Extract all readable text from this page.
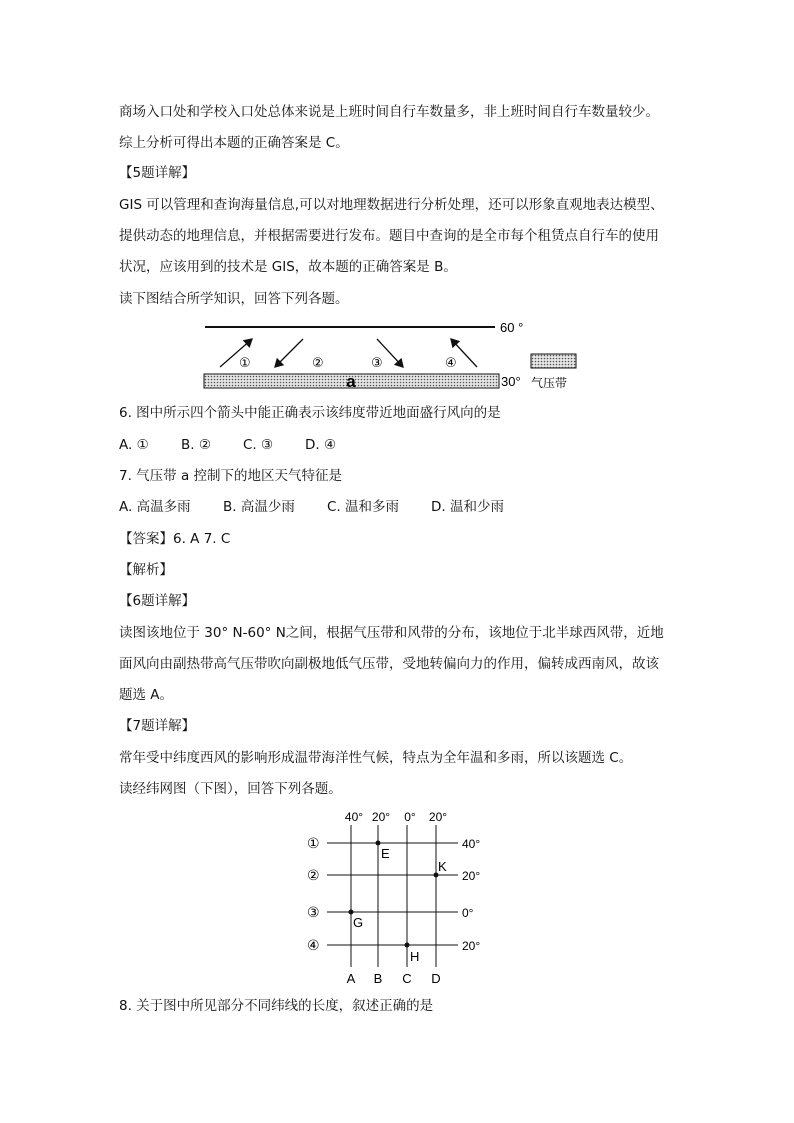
商场入口处和学校入口处总体来说是上班时间自行车数量多，非上班时间自行车数量较少。
综上分析可得出本题的正确答案是 C。
【5题详解】
GIS 可以管理和查询海量信息,可以对地理数据进行分析处理，还可以形象直观地表达模型、
提供动态的地理信息，并根据需要进行发布。题目中查询的是全市每个租赁点自行车的使用
状况，应该用到的技术是 GIS，故本题的正确答案是 B。
读下图结合所学知识，回答下列各题。
60 °
①	②	③	④
a	30° 气压带
6. 图中所示四个箭头中能正确表示该纬度带近地面盛行风向的是
A. ① B. ② C. ③ D. ④
7. 气压带 a 控制下的地区天气特征是
A. 高温多雨 B. 高温少雨 C. 温和多雨 D. 温和少雨
【答案】6. A 7. C
【解析】
【6题详解】
读图该地位于 30° N-60° N之间，根据气压带和风带的分布，该地位于北半球西风带，近地
面风向由副热带高气压带吹向副极地低气压带，受地转偏向力的作用，偏转成西南风，故该
题选 A。
【7题详解】
常年受中纬度西风的影响形成温带海洋性气候，特点为全年温和多雨，所以该题选 C。
读经纬网图（下图），回答下列各题。
40° 20° 0° 20°
①
②
③
④
40°
20°
0°
20°
A B C D
E
K
G
H
8. 关于图中所见部分不同纬线的长度，叙述正确的是
